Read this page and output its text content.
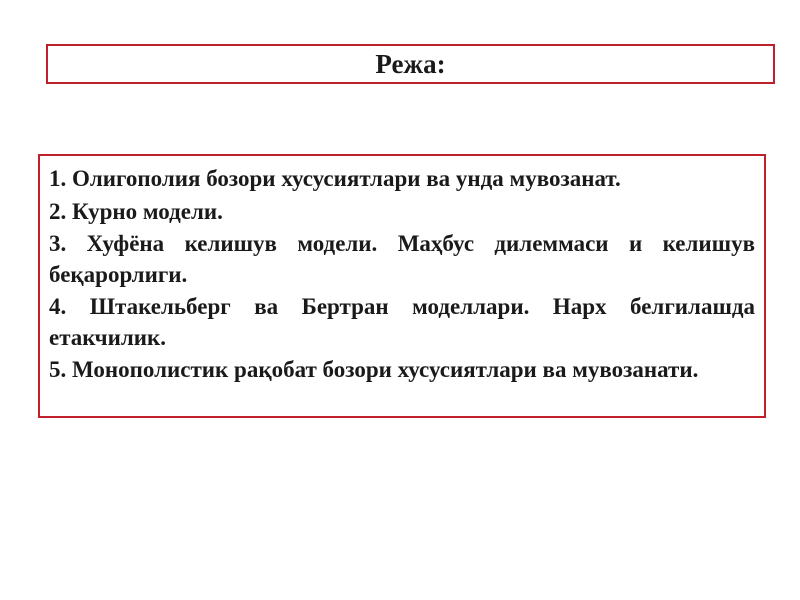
Режа:

1. Олигополия бозори хусусиятлари ва унда мувозанат.

2. Курно модели.

3. Хуфёна келишув модели. Маҳбус дилеммаси и келишув беқарорлиги.

4. Штакельберг ва Бертран моделлари. Нарх белгилашда етакчилик.

5. Монополистик рақобат бозори хусусиятлари ва мувозанати.
